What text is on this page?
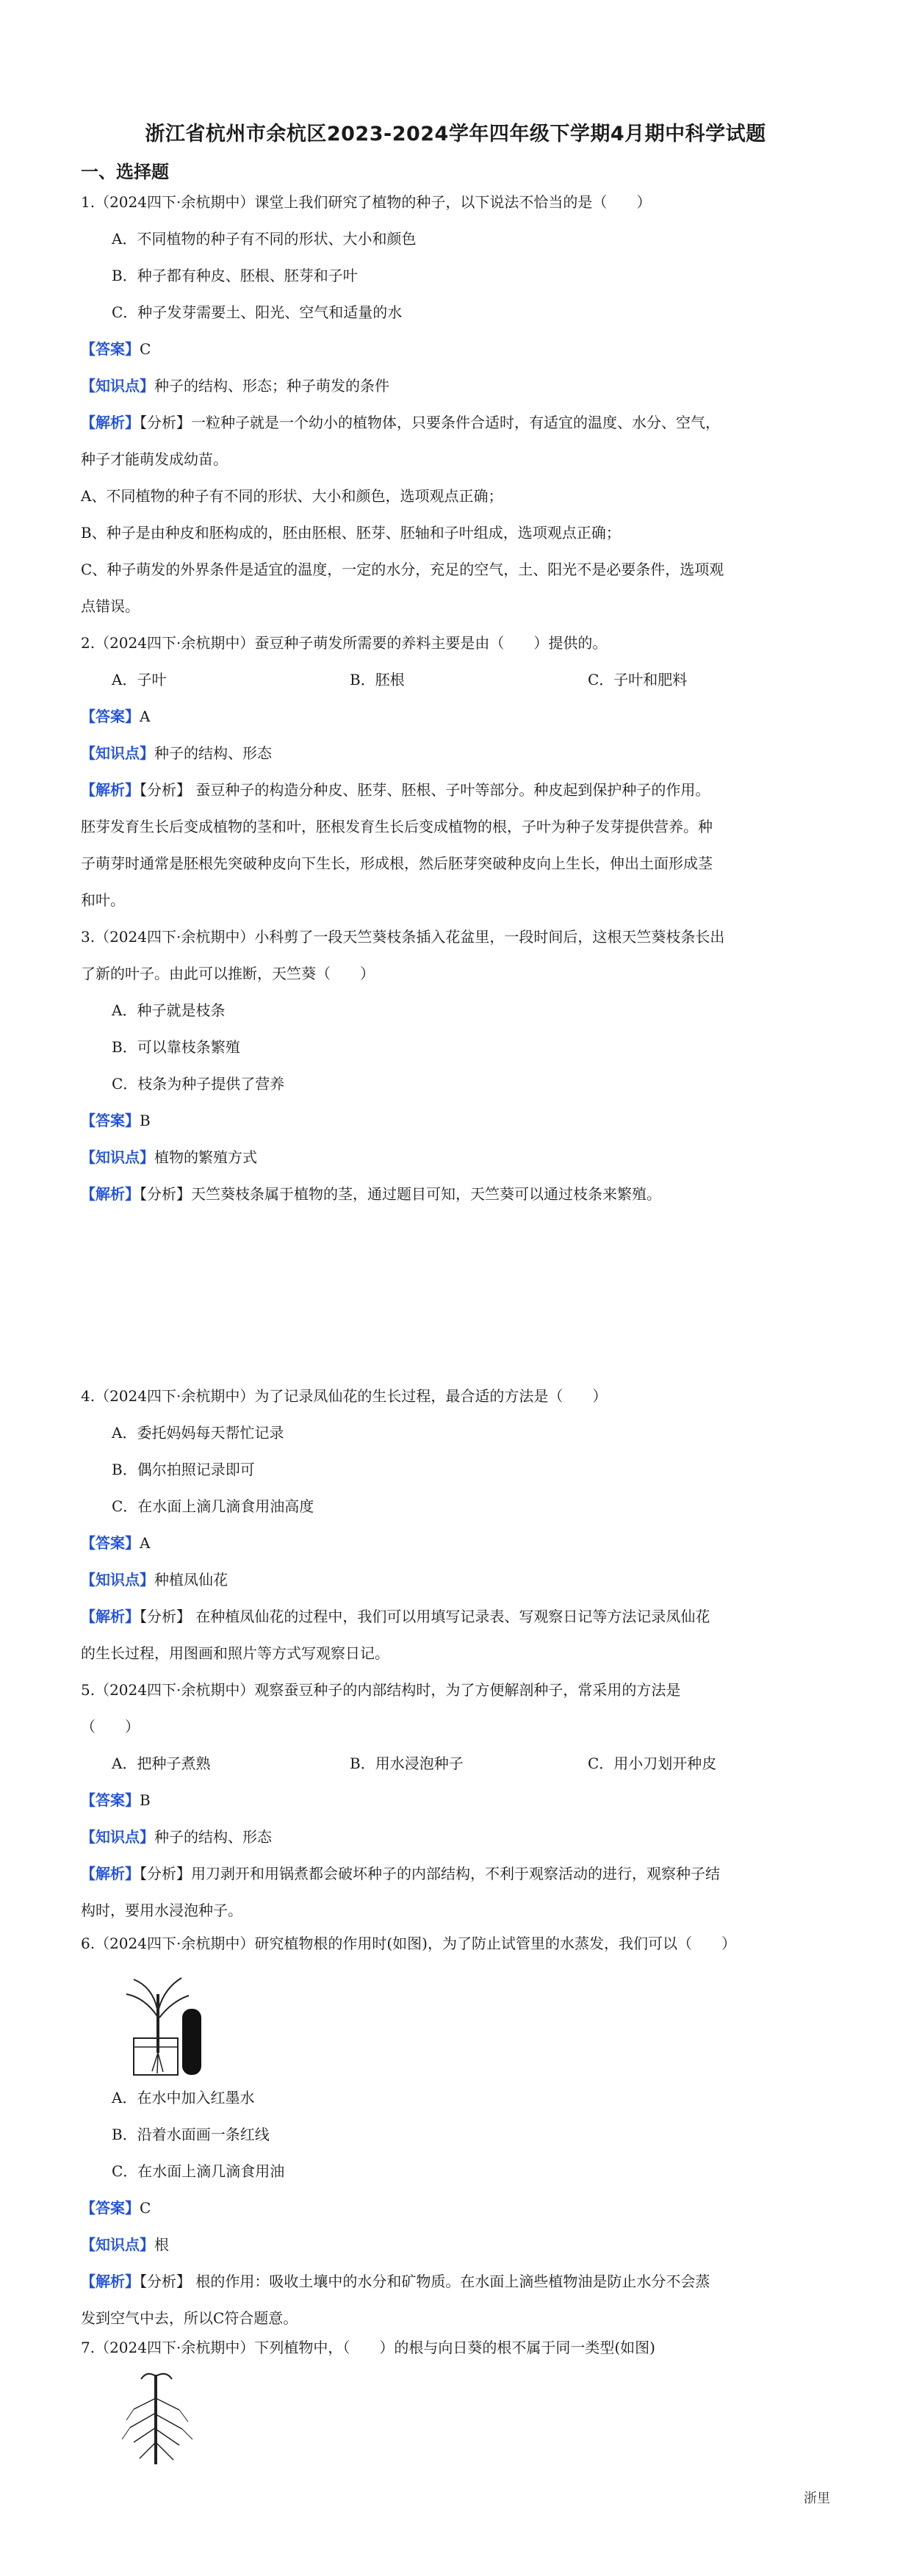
浙江省杭州市余杭区2023-2024学年四年级下学期4月期中科学试题
一、选择题
1.（2024四下·余杭期中）课堂上我们研究了植物的种子，以下说法不恰当的是（　　）
A．不同植物的种子有不同的形状、大小和颜色
B．种子都有种皮、胚根、胚芽和子叶
C．种子发芽需要土、阳光、空气和适量的水
【答案】C
【知识点】种子的结构、形态；种子萌发的条件
【解析】【分析】一粒种子就是一个幼小的植物体，只要条件合适时，有适宜的温度、水分、空气，
种子才能萌发成幼苗。
A、不同植物的种子有不同的形状、大小和颜色，选项观点正确；
B、种子是由种皮和胚构成的，胚由胚根、胚芽、胚轴和子叶组成，选项观点正确；
C、种子萌发的外界条件是适宜的温度，一定的水分，充足的空气，土、阳光不是必要条件，选项观
点错误。
2.（2024四下·余杭期中）蚕豆种子萌发所需要的养料主要是由（　　）提供的。
A．子叶	B．胚根	C．子叶和肥料
【答案】A
【知识点】种子的结构、形态
【解析】【分析】 蚕豆种子的构造分种皮、胚芽、胚根、子叶等部分。种皮起到保护种子的作用。
胚芽发育生长后变成植物的茎和叶，胚根发育生长后变成植物的根，子叶为种子发芽提供营养。种
子萌芽时通常是胚根先突破种皮向下生长，形成根，然后胚芽突破种皮向上生长，伸出土面形成茎
和叶。
3.（2024四下·余杭期中）小科剪了一段天竺葵枝条插入花盆里，一段时间后，这根天竺葵枝条长出
了新的叶子。由此可以推断，天竺葵（　　）
A．种子就是枝条
B．可以靠枝条繁殖
C．枝条为种子提供了营养
【答案】B
【知识点】植物的繁殖方式
【解析】【分析】天竺葵枝条属于植物的茎，通过题目可知，天竺葵可以通过枝条来繁殖。
4.（2024四下·余杭期中）为了记录凤仙花的生长过程，最合适的方法是（　　）
A．委托妈妈每天帮忙记录
B．偶尔拍照记录即可
C．在水面上滴几滴食用油高度
【答案】A
【知识点】种植凤仙花
【解析】【分析】 在种植凤仙花的过程中，我们可以用填写记录表、写观察日记等方法记录凤仙花
的生长过程，用图画和照片等方式写观察日记。
5.（2024四下·余杭期中）观察蚕豆种子的内部结构时，为了方便解剖种子，常采用的方法是
（　　）
A．把种子煮熟	B．用水浸泡种子	C．用小刀划开种皮
【答案】B
【知识点】种子的结构、形态
【解析】【分析】用刀剥开和用锅煮都会破坏种子的内部结构，不利于观察活动的进行，观察种子结
构时，要用水浸泡种子。
6.（2024四下·余杭期中）研究植物根的作用时(如图)，为了防止试管里的水蒸发，我们可以（　　）
A．在水中加入红墨水
B．沿着水面画一条红线
C．在水面上滴几滴食用油
【答案】C
【知识点】根
【解析】【分析】 根的作用：吸收土壤中的水分和矿物质。在水面上滴些植物油是防止水分不会蒸
发到空气中去，所以C符合题意。
7.（2024四下·余杭期中）下列植物中，（　　）的根与向日葵的根不属于同一类型(如图)
浙里
